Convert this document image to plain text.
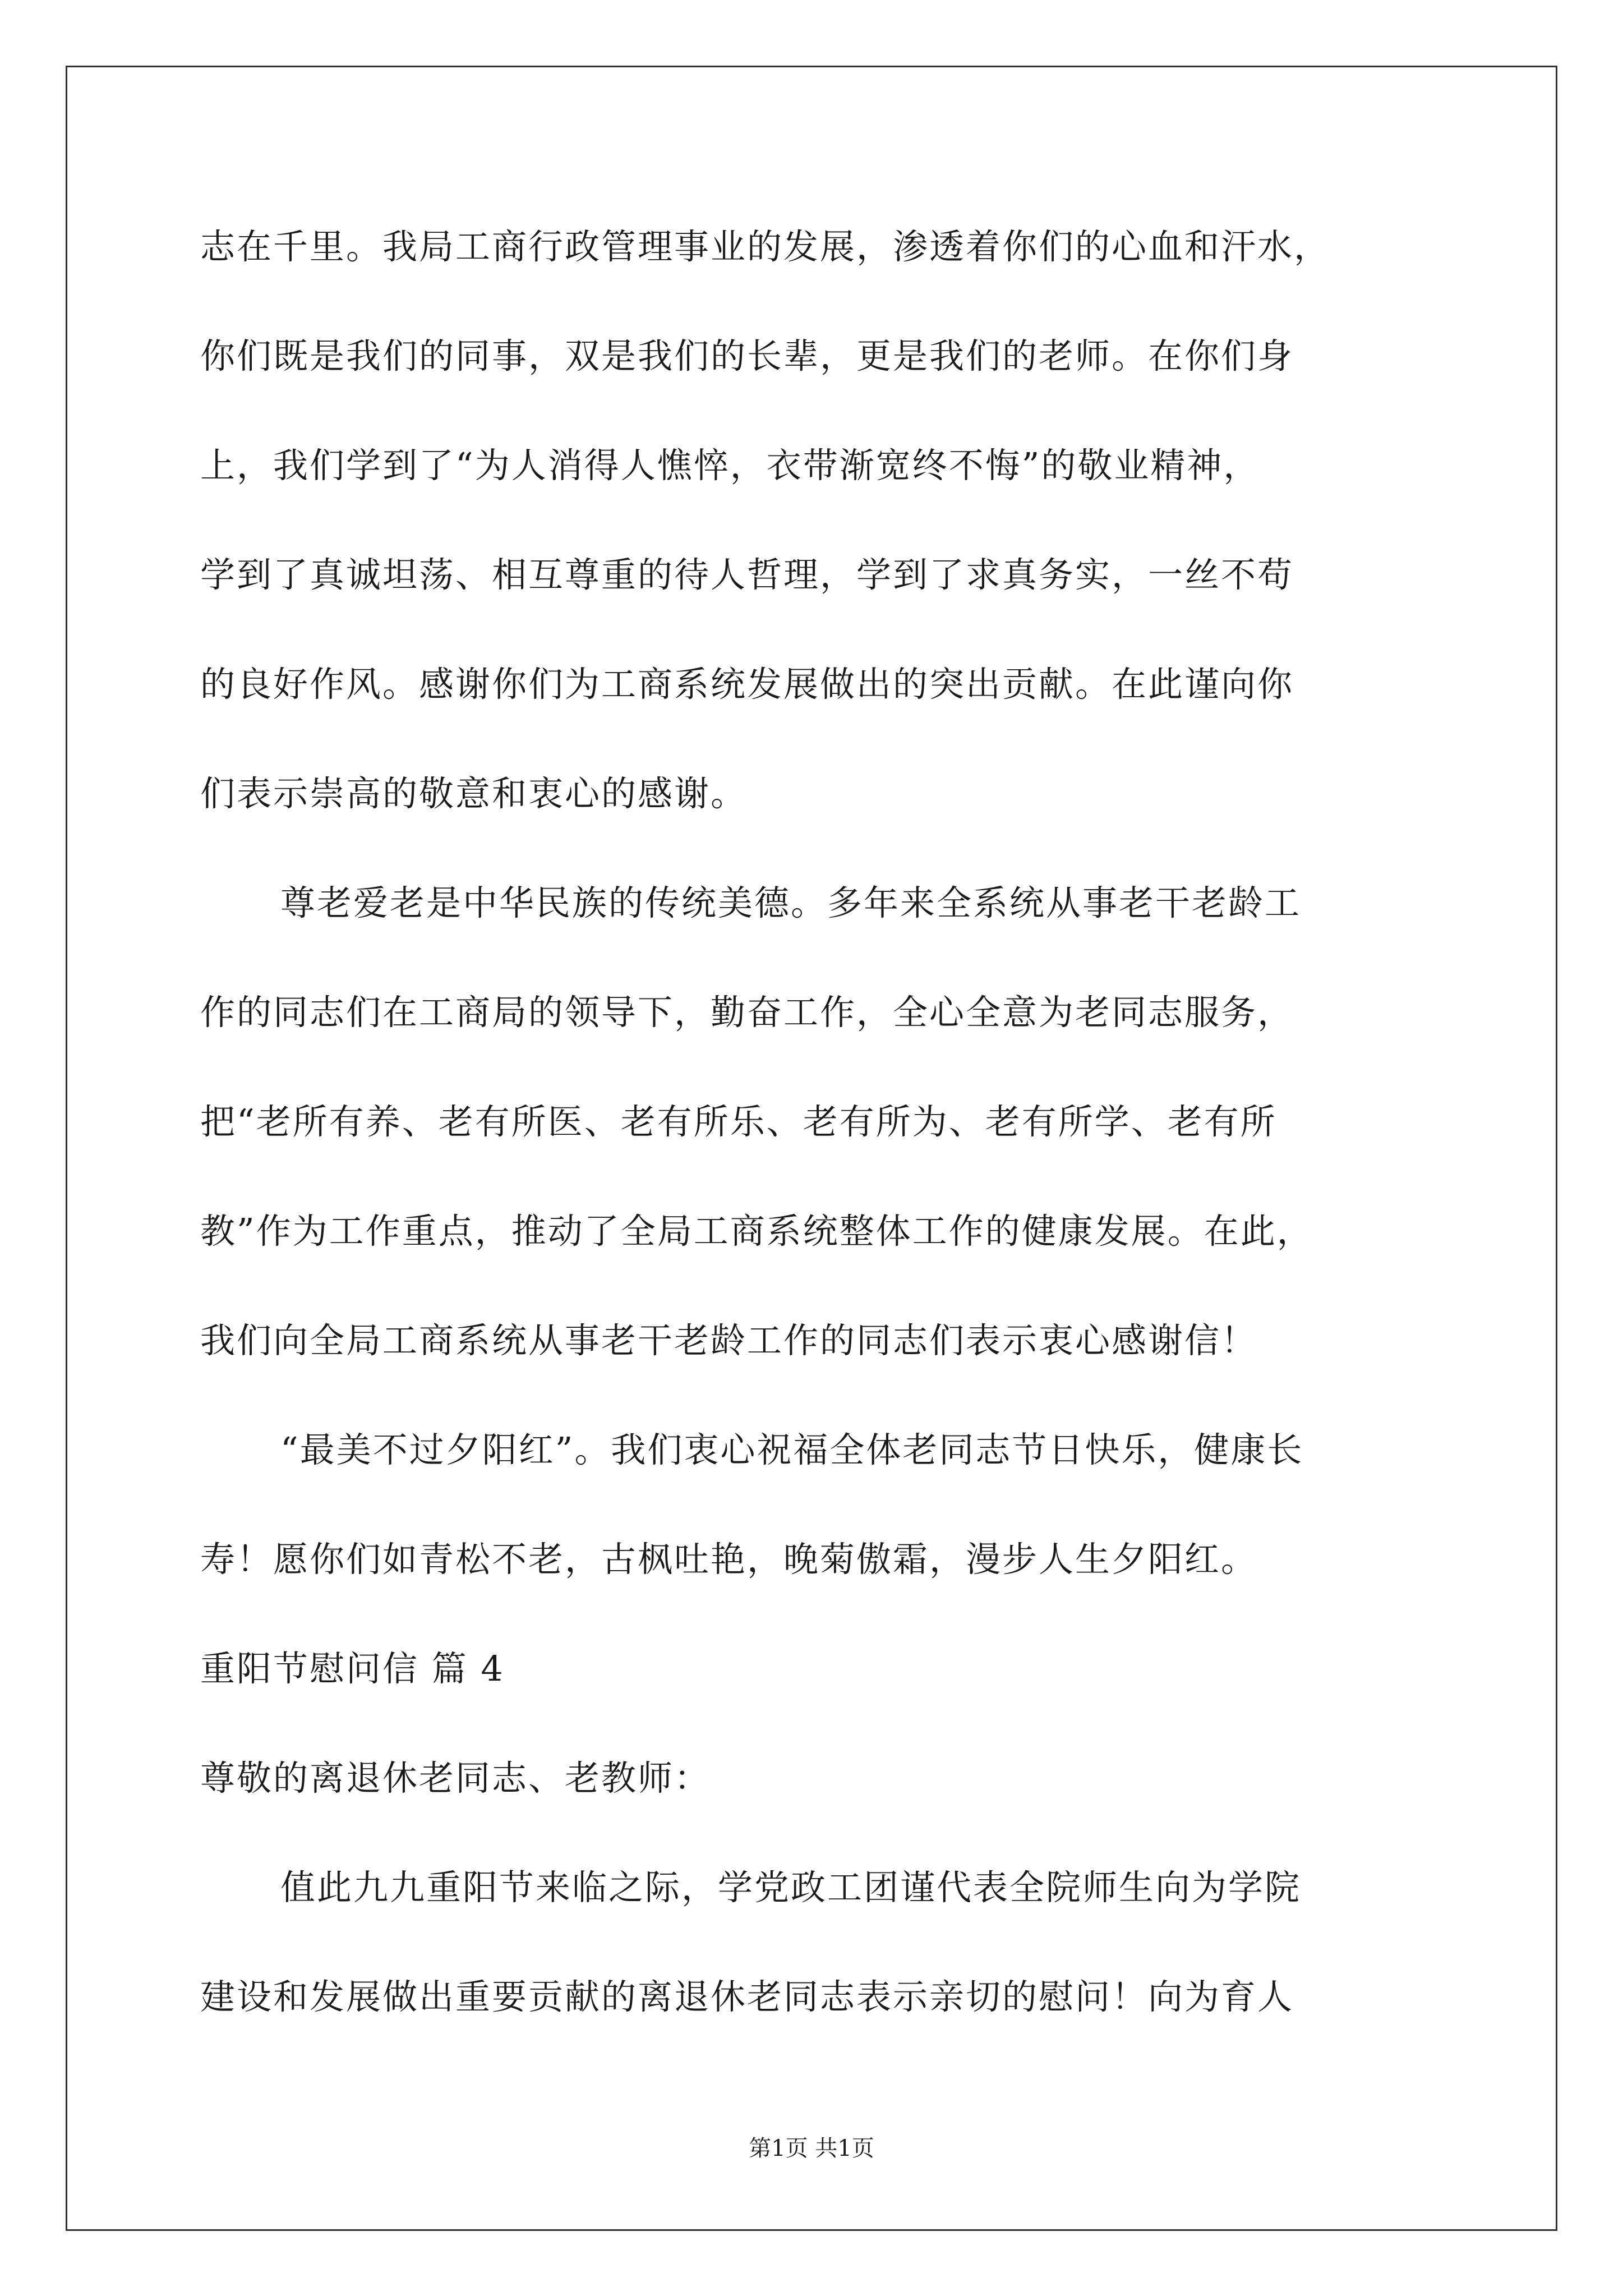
志在千里。我局工商行政管理事业的发展，渗透着你们的心血和汗水，
你们既是我们的同事，双是我们的长辈，更是我们的老师。在你们身
上，我们学到了“为人消得人憔悴，衣带渐宽终不悔”的敬业精神，
学到了真诚坦荡、相互尊重的待人哲理，学到了求真务实，一丝不苟
的良好作风。感谢你们为工商系统发展做出的突出贡献。在此谨向你
们表示崇高的敬意和衷心的感谢。
尊老爱老是中华民族的传统美德。多年来全系统从事老干老龄工
作的同志们在工商局的领导下，勤奋工作，全心全意为老同志服务，
把“老所有养、老有所医、老有所乐、老有所为、老有所学、老有所
教”作为工作重点，推动了全局工商系统整体工作的健康发展。在此，
我们向全局工商系统从事老干老龄工作的同志们表示衷心感谢信！
“最美不过夕阳红”。我们衷心祝福全体老同志节日快乐，健康长
寿！愿你们如青松不老，古枫吐艳，晚菊傲霜，漫步人生夕阳红。
重阳节慰问信 篇 4
尊敬的离退休老同志、老教师：
值此九九重阳节来临之际，学党政工团谨代表全院师生向为学院
建设和发展做出重要贡献的离退休老同志表示亲切的慰问！向为育人
第1页 共1页
